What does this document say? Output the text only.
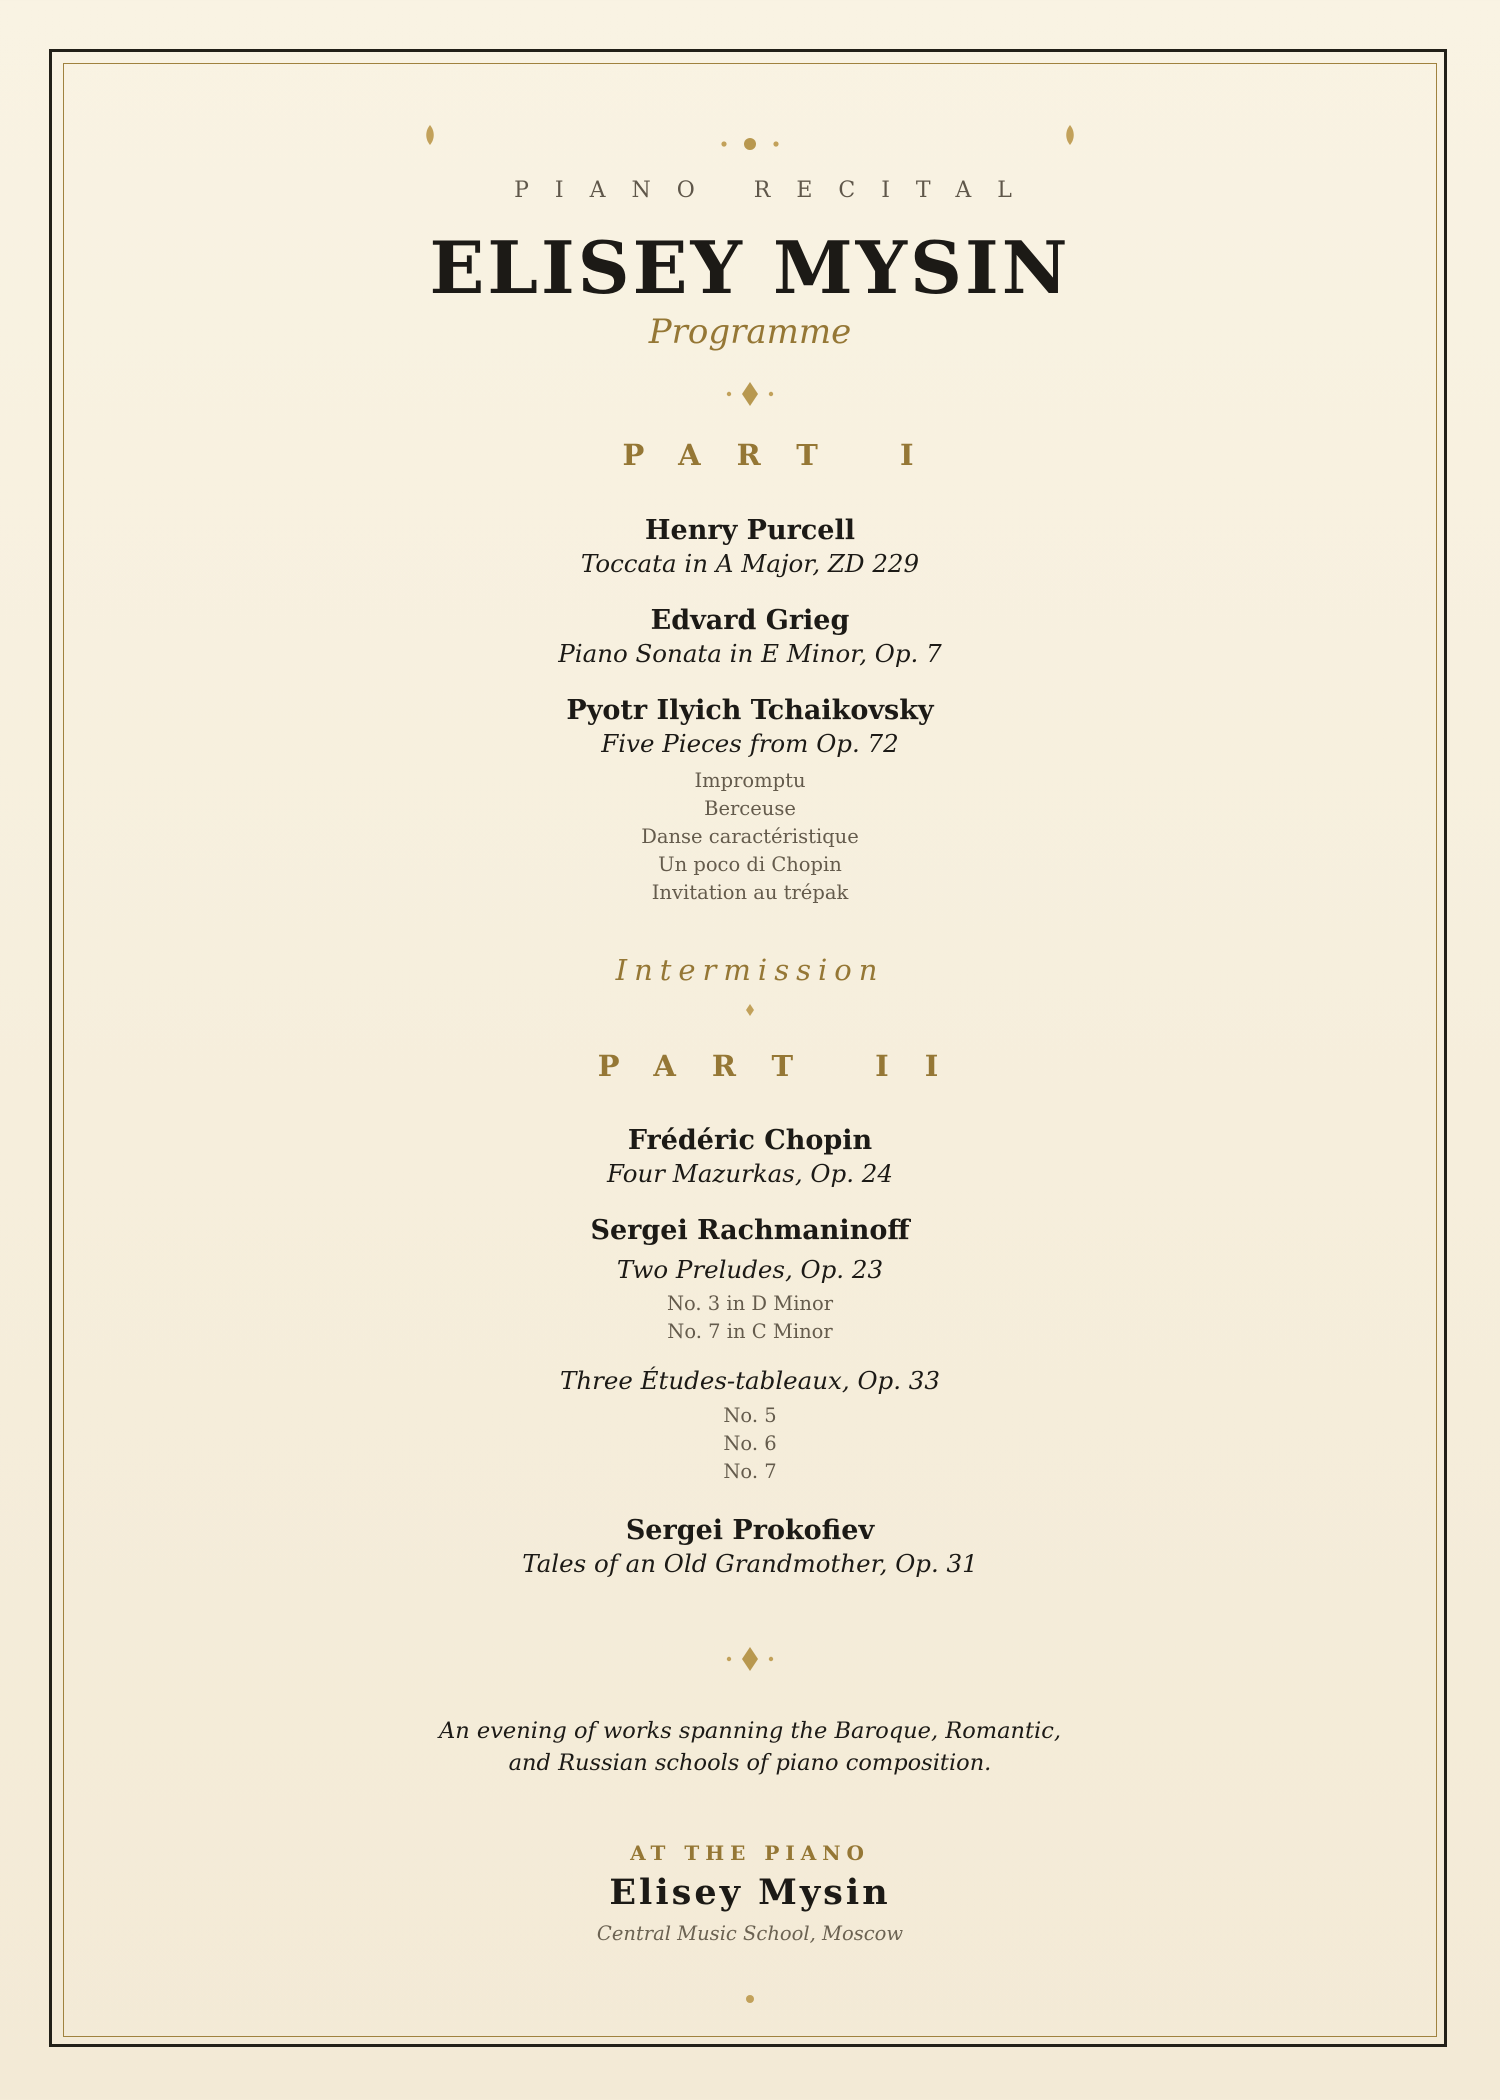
PIANO RECITAL
ELISEY MYSIN
Programme
PART I
Henry Purcell
Toccata in A Major, ZD 229
Edvard Grieg
Piano Sonata in E Minor, Op. 7
Pyotr Ilyich Tchaikovsky
Five Pieces from Op. 72
Impromptu
Berceuse
Danse caractéristique
Un poco di Chopin
Invitation au trépak
Intermission
PART II
Frédéric Chopin
Four Mazurkas, Op. 24
Sergei Rachmaninoff
Two Preludes, Op. 23
No. 3 in D Minor
No. 7 in C Minor
Three Études-tableaux, Op. 33
No. 5
No. 6
No. 7
Sergei Prokofiev
Tales of an Old Grandmother, Op. 31
An evening of works spanning the Baroque, Romantic,
and Russian schools of piano composition.
AT THE PIANO
Elisey Mysin
Central Music School, Moscow
